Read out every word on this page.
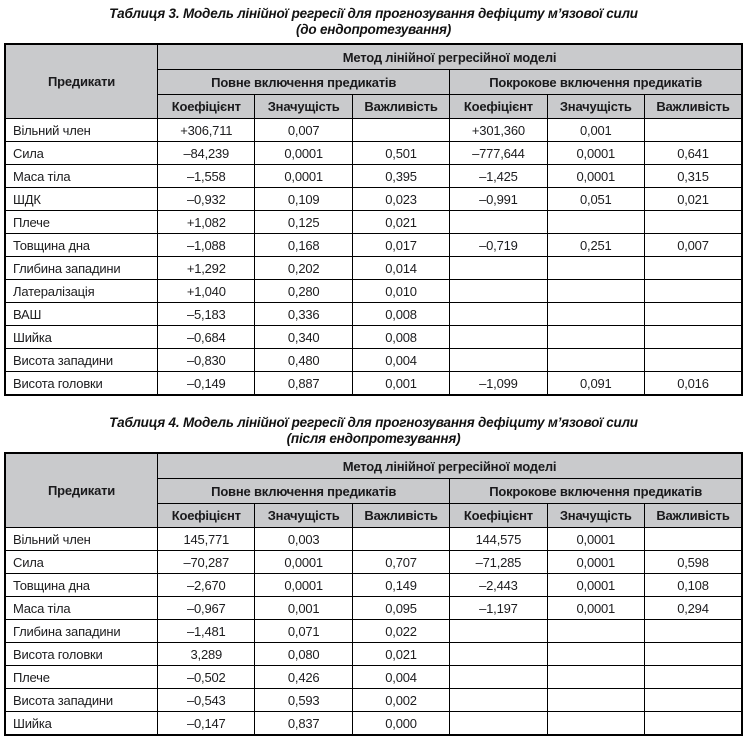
Таблиця 3. Модель лінійної регресії для прогнозування дефіциту м’язової сили
(до ендопротезування)
Предикати	Метод лінійної регресійної моделі					
	Повне включення предикатів			Покрокове включення предикатів		
	Коефіцієнт	Значущість	Важливість	Коефіцієнт	Значущість	Важливість
Вільний член	+306,711	0,007		+301,360	0,001	
Сила	–84,239	0,0001	0,501	–777,644	0,0001	0,641
Маса тіла	–1,558	0,0001	0,395	–1,425	0,0001	0,315
ШДК	–0,932	0,109	0,023	–0,991	0,051	0,021
Плече	+1,082	0,125	0,021			
Товщина дна	–1,088	0,168	0,017	–0,719	0,251	0,007
Глибина западини	+1,292	0,202	0,014			
Латералізація	+1,040	0,280	0,010			
ВАШ	–5,183	0,336	0,008			
Шийка	–0,684	0,340	0,008			
Висота западини	–0,830	0,480	0,004			
Висота головки	–0,149	0,887	0,001	–1,099	0,091	0,016
Таблиця 4. Модель лінійної регресії для прогнозування дефіциту м’язової сили
(після ендопротезування)
Предикати	Метод лінійної регресійної моделі					
	Повне включення предикатів			Покрокове включення предикатів		
	Коефіцієнт	Значущість	Важливість	Коефіцієнт	Значущість	Важливість
Вільний член	145,771	0,003		144,575	0,0001	
Сила	–70,287	0,0001	0,707	–71,285	0,0001	0,598
Товщина дна	–2,670	0,0001	0,149	–2,443	0,0001	0,108
Маса тіла	–0,967	0,001	0,095	–1,197	0,0001	0,294
Глибина западини	–1,481	0,071	0,022			
Висота головки	3,289	0,080	0,021			
Плече	–0,502	0,426	0,004			
Висота западини	–0,543	0,593	0,002			
Шийка	–0,147	0,837	0,000			
